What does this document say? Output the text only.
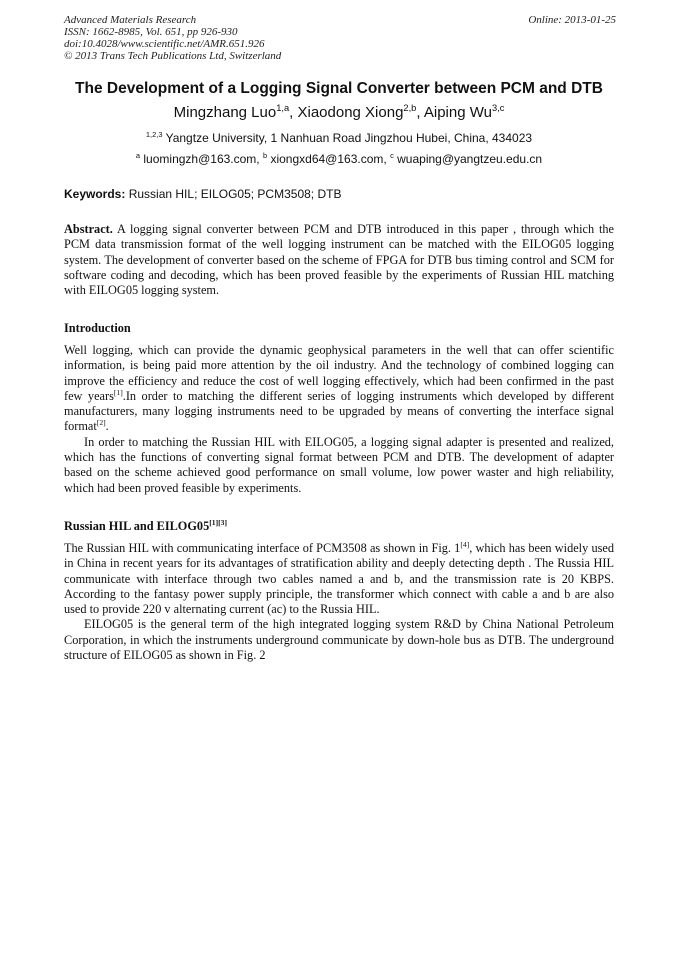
Advanced Materials Research
ISSN: 1662-8985, Vol. 651, pp 926-930
doi:10.4028/www.scientific.net/AMR.651.926
© 2013 Trans Tech Publications Ltd, Switzerland
Online: 2013-01-25
The Development of a Logging Signal Converter between PCM and DTB
Mingzhang Luo$^{1,a}$, Xiaodong Xiong$^{2,b}$, Aiping Wu$^{3,c}$
$^{1,2,3}$ Yangtze University, 1 Nanhuan Road Jingzhou Hubei, China, 434023
$^a$ luomingzh@163.com, $^b$ xiongxd64@163.com, $^c$ wuaping@yangtzeu.edu.cn
Keywords: Russian HIL; EILOG05; PCM3508; DTB

Abstract. A logging signal converter between PCM and DTB introduced in this paper , through which the PCM data transmission format of the well logging instrument can be matched with the EILOG05 logging system. The development of converter based on the scheme of FPGA for DTB bus timing control and SCM for software coding and decoding, which has been proved feasible by the experiments of Russian HIL matching with EILOG05 logging system.

Introduction

Well logging, which can provide the dynamic geophysical parameters in the well that can offer scientific information, is being paid more attention by the oil industry. And the technology of combined logging can improve the efficiency and reduce the cost of well logging effectively, which had been confirmed in the past few years[1].In order to matching the different series of logging instruments which developed by different manufacturers, many logging instruments need to be upgraded by means of converting the interface signal format[2].

In order to matching the Russian HIL with EILOG05, a logging signal adapter is presented and realized, which has the functions of converting signal format between PCM and DTB. The development of adapter based on the scheme achieved good performance on small volume, low power waster and high reliability, which had been proved feasible by experiments.

Russian HIL and EILOG05[1][3]

The Russian HIL with communicating interface of PCM3508 as shown in Fig. 1[4], which has been widely used in China in recent years for its advantages of stratification ability and deeply detecting depth . The Russia HIL communicate with interface through two cables named a and b, and the transmission rate is 20 KBPS. According to the fantasy power supply principle, the transformer which connect with cable a and b are also used to provide 220 v alternating current (ac) to the Russia HIL.

EILOG05 is the general term of the high integrated logging system R&D by China National Petroleum Corporation, in which the instruments underground communicate by down-hole bus as DTB. The underground structure of EILOG05 as shown in Fig. 2
